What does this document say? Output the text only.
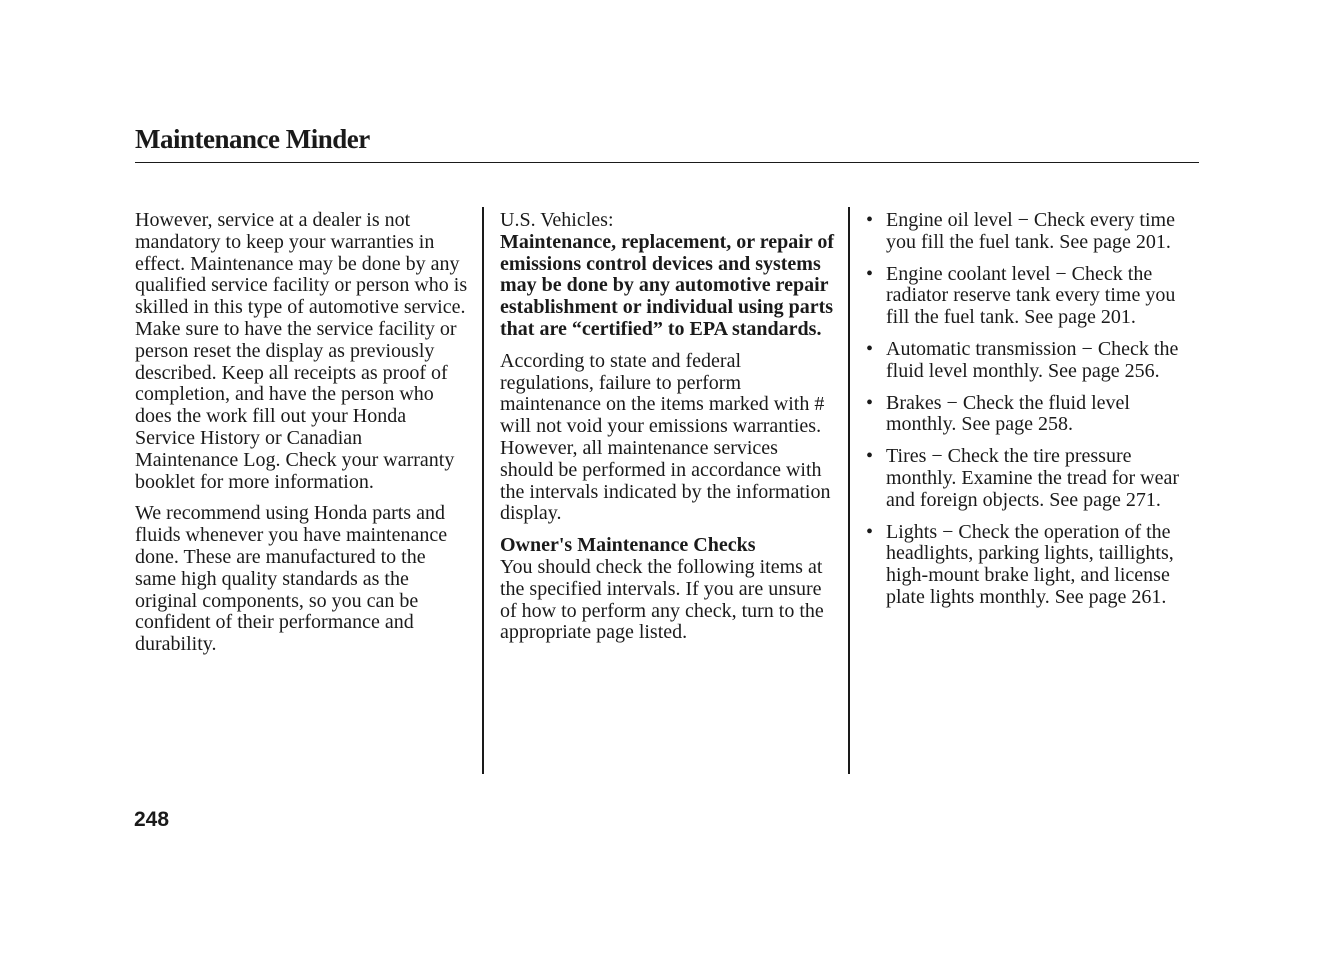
Maintenance Minder

However, service at a dealer is not mandatory to keep your warranties in effect. Maintenance may be done by any qualified service facility or person who is skilled in this type of automotive service. Make sure to have the service facility or person reset the display as previously described. Keep all receipts as proof of completion, and have the person who does the work fill out your Honda Service History or Canadian Maintenance Log. Check your warranty booklet for more information.

We recommend using Honda parts and fluids whenever you have maintenance done. These are manufactured to the same high quality standards as the original components, so you can be confident of their performance and durability.

U.S. Vehicles:
Maintenance, replacement, or repair of emissions control devices and systems may be done by any automotive repair establishment or individual using parts that are “certified” to EPA standards.

According to state and federal regulations, failure to perform maintenance on the items marked with # will not void your emissions warranties. However, all maintenance services should be performed in accordance with the intervals indicated by the information display.

Owner's Maintenance Checks
You should check the following items at the specified intervals. If you are unsure of how to perform any check, turn to the appropriate page listed.

• Engine oil level − Check every time you fill the fuel tank. See page 201.
• Engine coolant level − Check the radiator reserve tank every time you fill the fuel tank. See page 201.
• Automatic transmission − Check the fluid level monthly. See page 256.
• Brakes − Check the fluid level monthly. See page 258.
• Tires − Check the tire pressure monthly. Examine the tread for wear and foreign objects. See page 271.
• Lights − Check the operation of the headlights, parking lights, taillights, high-mount brake light, and license plate lights monthly. See page 261.
248
